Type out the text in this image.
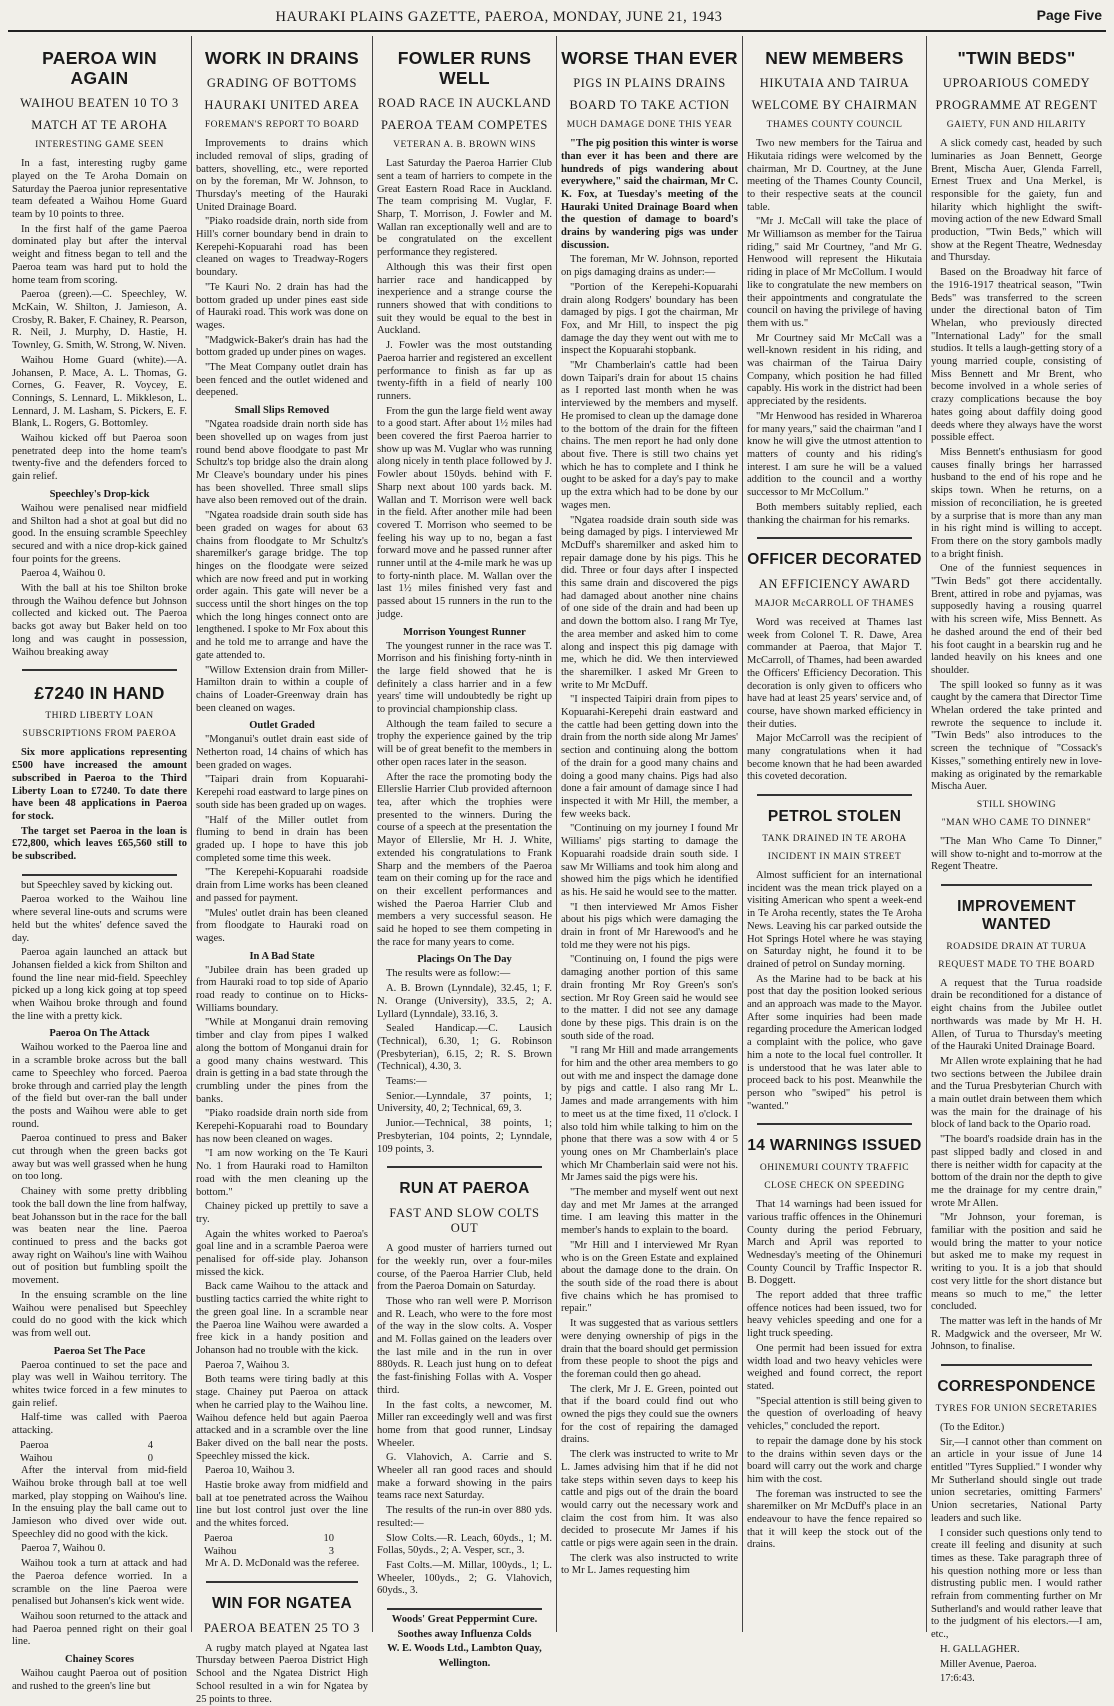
HAURAKI PLAINS GAZETTE, PAEROA, MONDAY, JUNE 21, 1943	Page Five
PAEROA WIN AGAIN
WAIHOU BEATEN 10 TO 3
MATCH AT TE AROHA
INTERESTING GAME SEEN

In a fast, interesting rugby game played on the Te Aroha Domain on Saturday the Paeroa junior representative team defeated a Waihou Home Guard team by 10 points to three.

In the first half of the game Paeroa dominated play but after the interval weight and fitness began to tell and the Paeroa team was hard put to hold the home team from scoring.

Paeroa (green).—C. Speechley, W. McKain, W. Shilton, J. Jamieson, A. Crosby, R. Baker, F. Chainey, R. Pearson, R. Neil, J. Murphy, D. Hastie, H. Townley, G. Smith, W. Strong, W. Niven.

Waihou Home Guard (white).—A. Johansen, P. Mace, A. L. Thomas, G. Cornes, G. Feaver, R. Voycey, E. Connings, S. Lennard, L. Mikkleson, L. Lennard, J. M. Lasham, S. Pickers, E. F. Blank, L. Rogers, G. Bottomley.

Waihou kicked off but Paeroa soon penetrated deep into the home team's twenty-five and the defenders forced to gain relief.

Speechley's Drop-kick

Waihou were penalised near midfield and Shilton had a shot at goal but did no good. In the ensuing scramble Speechley secured and with a nice drop-kick gained four points for the greens.

Paeroa 4, Waihou 0.

With the ball at his toe Shilton broke through the Waihou defence but Johnson collected and kicked out. The Paeroa backs got away but Baker held on too long and was caught in possession, Waihou breaking away

£7240 IN HAND
THIRD LIBERTY LOAN
SUBSCRIPTIONS FROM PAEROA

Six more applications representing £500 have increased the amount subscribed in Paeroa to the Third Liberty Loan to £7240. To date there have been 48 applications in Paeroa for stock.

The target set Paeroa in the loan is £72,800, which leaves £65,560 still to be subscribed.

but Speechley saved by kicking out.

Paeroa worked to the Waihou line where several line-outs and scrums were held but the whites' defence saved the day.

Paeroa again launched an attack but Johansen fielded a kick from Shilton and found the line near mid-field. Speechley picked up a long kick going at top speed when Waihou broke through and found the line with a pretty kick.

Paeroa On The Attack

Waihou worked to the Paeroa line and in a scramble broke across but the ball came to Speechley who forced. Paeroa broke through and carried play the length of the field but over-ran the ball under the posts and Waihou were able to get round.

Paeroa continued to press and Baker cut through when the green backs got away but was well grassed when he hung on too long.

Chainey with some pretty dribbling took the ball down the line from halfway, beat Johansson but in the race for the ball was beaten near the line. Paeroa continued to press and the backs got away right on Waihou's line with Waihou out of position but fumbling spoilt the movement.

In the ensuing scramble on the line Waihou were penalised but Speechley could do no good with the kick which was from well out.

Paeroa Set The Pace

Paeroa continued to set the pace and play was well in Waihou territory. The whites twice forced in a few minutes to gain relief.

Half-time was called with Paeroa attacking.

Paeroa	4
Waihou	0

After the interval from mid-field Waihou broke through ball at toe well marked, play stopping on Waihou's line. In the ensuing play the ball came out to Jamieson who dived over wide out. Speechley did no good with the kick.

Paeroa 7, Waihou 0.

Waihou took a turn at attack and had the Paeroa defence worried. In a scramble on the line Paeroa were penalised but Johansen's kick went wide.

Waihou soon returned to the attack and had Paeroa penned right on their goal line.

Chainey Scores

Waihou caught Paeroa out of position and rushed to the green's line but

WORK IN DRAINS
GRADING OF BOTTOMS
HAURAKI UNITED AREA
FOREMAN'S REPORT TO BOARD

Improvements to drains which included removal of slips, grading of batters, shovelling, etc., were reported on by the foreman, Mr W. Johnson, to Thursday's meeting of the Hauraki United Drainage Board.

"Piako roadside drain, north side from Hill's corner boundary bend in drain to Kerepehi-Kopuarahi road has been cleaned on wages to Treadway-Rogers boundary.

"Te Kauri No. 2 drain has had the bottom graded up under pines east side of Hauraki road. This work was done on wages.

"Madgwick-Baker's drain has had the bottom graded up under pines on wages.

"The Meat Company outlet drain has been fenced and the outlet widened and deepened.

Small Slips Removed

"Ngatea roadside drain north side has been shovelled up on wages from just round bend above floodgate to past Mr Schultz's top bridge also the drain along Mr Cleave's boundary under his pines has been shovelled. Three small slips have also been removed out of the drain.

"Ngatea roadside drain south side has been graded on wages for about 63 chains from floodgate to Mr Schultz's sharemilker's garage bridge. The top hinges on the floodgate were seized which are now freed and put in working order again. This gate will never be a success until the short hinges on the top which the long hinges connect onto are lengthened. I spoke to Mr Fox about this and he told me to arrange and have the gate attended to.

"Willow Extension drain from Miller-Hamilton drain to within a couple of chains of Loader-Greenway drain has been cleaned on wages.

Outlet Graded

"Monganui's outlet drain east side of Netherton road, 14 chains of which has been graded on wages.

"Taipari drain from Kopuarahi-Kerepehi road eastward to large pines on south side has been graded up on wages.

"Half of the Miller outlet from fluming to bend in drain has been graded up. I hope to have this job completed some time this week.

"The Kerepehi-Kopuarahi roadside drain from Lime works has been cleaned and passed for payment.

"Mules' outlet drain has been cleaned from floodgate to Hauraki road on wages.

In A Bad State

"Jubilee drain has been graded up from Hauraki road to top side of Apario road ready to continue on to Hicks-Williams boundary.

"While at Monganui drain removing timber and clay from pipes I walked along the bottom of Monganui drain for a good many chains westward. This drain is getting in a bad state through the crumbling under the pines from the banks.

"Piako roadside drain north side from Kerepehi-Kopuarahi road to Boundary has now been cleaned on wages.

"I am now working on the Te Kauri No. 1 from Hauraki road to Hamilton road with the men cleaning up the bottom."

Chainey picked up prettily to save a try.

Again the whites worked to Paeroa's goal line and in a scramble Paeroa were penalised for off-side play. Johanson missed the kick.

Back came Waihou to the attack and bustling tactics carried the white right to the green goal line. In a scramble near the Paeroa line Waihou were awarded a free kick in a handy position and Johanson had no trouble with the kick.

Paeroa 7, Waihou 3.

Both teams were tiring badly at this stage. Chainey put Paeroa on attack when he carried play to the Waihou line. Waihou defence held but again Paeroa attacked and in a scramble over the line Baker dived on the ball near the posts. Speechley missed the kick.

Paeroa 10, Waihou 3.

Hastie broke away from midfield and ball at toe penetrated across the Waihou line but lost control just over the line and the whites forced.

Paeroa	10
Waihou	3

Mr A. D. McDonald was the referee.

WIN FOR NGATEA
PAEROA BEATEN 25 TO 3

A rugby match played at Ngatea last Thursday between Paeroa District High School and the Ngatea District High School resulted in a win for Ngatea by 25 points to three.

FOWLER RUNS WELL
ROAD RACE IN AUCKLAND
PAEROA TEAM COMPETES
VETERAN A. B. BROWN WINS

Last Saturday the Paeroa Harrier Club sent a team of harriers to compete in the Great Eastern Road Race in Auckland. The team comprising M. Vuglar, F. Sharp, T. Morrison, J. Fowler and M. Wallan ran exceptionally well and are to be congratulated on the excellent performance they registered.

Although this was their first open harrier race and handicapped by inexperience and a strange course the runners showed that with conditions to suit they would be equal to the best in Auckland.

J. Fowler was the most outstanding Paeroa harrier and registered an excellent performance to finish as far up as twenty-fifth in a field of nearly 100 runners.

From the gun the large field went away to a good start. After about 1½ miles had been covered the first Paeroa harrier to show up was M. Vuglar who was running along nicely in tenth place followed by J. Fowler about 150yds. behind with F. Sharp next about 100 yards back. M. Wallan and T. Morrison were well back in the field. After another mile had been covered T. Morrison who seemed to be feeling his way up to no, began a fast forward move and he passed runner after runner until at the 4-mile mark he was up to forty-ninth place. M. Wallan over the last 1½ miles finished very fast and passed about 15 runners in the run to the judge.

Morrison Youngest Runner

The youngest runner in the race was T. Morrison and his finishing forty-ninth in the large field showed that he is definitely a class harrier and in a few years' time will undoubtedly be right up to provincial championship class.

Although the team failed to secure a trophy the experience gained by the trip will be of great benefit to the members in other open races later in the season.

After the race the promoting body the Ellerslie Harrier Club provided afternoon tea, after which the trophies were presented to the winners. During the course of a speech at the presentation the Mayor of Ellerslie, Mr H. J. White, extended his congratulations to Frank Sharp and the members of the Paeroa team on their coming up for the race and on their excellent performances and wished the Paeroa Harrier Club and members a very successful season. He said he hoped to see them competing in the race for many years to come.

Placings On The Day

The results were as follow:—

A. B. Brown (Lynndale), 32.45, 1; F. N. Orange (University), 33.5, 2; A. Lyllard (Lynndale), 33.16, 3.

Sealed Handicap.—C. Lausich (Technical), 6.30, 1; G. Robinson (Presbyterian), 6.15, 2; R. S. Brown (Technical), 4.30, 3.

Teams:—

Senior.—Lynndale, 37 points, 1; University, 40, 2; Technical, 69, 3.

Junior.—Technical, 38 points, 1; Presbyterian, 104 points, 2; Lynndale, 109 points, 3.

RUN AT PAEROA
FAST AND SLOW COLTS OUT

A good muster of harriers turned out for the weekly run, over a four-miles course, of the Paeroa Harrier Club, held from the Paeroa Domain on Saturday.

Those who ran well were P. Morrison and R. Leach, who were to the fore most of the way in the slow colts. A. Vosper and M. Follas gained on the leaders over the last mile and in the run in over 880yds. R. Leach just hung on to defeat the fast-finishing Follas with A. Vosper third.

In the fast colts, a newcomer, M. Miller ran exceedingly well and was first home from that good runner, Lindsay Wheeler.

G. Vlahovich, A. Carrie and S. Wheeler all ran good races and should make a forward showing in the pairs teams race next Saturday.

The results of the run-in over 880 yds. resulted:—

Slow Colts.—R. Leach, 60yds., 1; M. Follas, 50yds., 2; A. Vesper, scr., 3.

Fast Colts.—M. Millar, 100yds., 1; L. Wheeler, 100yds., 2; G. Vlahovich, 60yds., 3.

Woods' Great Peppermint Cure.

Soothes away Influenza Colds

W. E. Woods Ltd., Lambton Quay,

Wellington.

WORSE THAN EVER
PIGS IN PLAINS DRAINS
BOARD TO TAKE ACTION
MUCH DAMAGE DONE THIS YEAR

"The pig position this winter is worse than ever it has been and there are hundreds of pigs wandering about everywhere," said the chairman, Mr C. K. Fox, at Tuesday's meeting of the Hauraki United Drainage Board when the question of damage to board's drains by wandering pigs was under discussion.

The foreman, Mr W. Johnson, reported on pigs damaging drains as under:—

"Portion of the Kerepehi-Kopuarahi drain along Rodgers' boundary has been damaged by pigs. I got the chairman, Mr Fox, and Mr Hill, to inspect the pig damage the day they went out with me to inspect the Kopuarahi stopbank.

"Mr Chamberlain's cattle had been down Taipari's drain for about 15 chains as I reported last month when he was interviewed by the members and myself. He promised to clean up the damage done to the bottom of the drain for the fifteen chains. The men report he had only done about five. There is still two chains yet which he has to complete and I think he ought to be asked for a day's pay to make up the extra which had to be done by our wages men.

"Ngatea roadside drain south side was being damaged by pigs. I interviewed Mr McDuff's sharemilker and asked him to repair damage done by his pigs. This he did. Three or four days after I inspected this same drain and discovered the pigs had damaged about another nine chains of one side of the drain and had been up and down the bottom also. I rang Mr Tye, the area member and asked him to come along and inspect this pig damage with me, which he did. We then interviewed the sharemilker. I asked Mr Green to write to Mr McDuff.

"I inspected Taipiri drain from pipes to Kopuarahi-Kerepehi drain eastward and the cattle had been getting down into the drain from the north side along Mr James' section and continuing along the bottom of the drain for a good many chains and doing a good many chains. Pigs had also done a fair amount of damage since I had inspected it with Mr Hill, the member, a few weeks back.

"Continuing on my journey I found Mr Williams' pigs starting to damage the Kopuarahi roadside drain south side. I saw Mr Williams and took him along and showed him the pigs which he identified as his. He said he would see to the matter.

"I then interviewed Mr Amos Fisher about his pigs which were damaging the drain in front of Mr Harewood's and he told me they were not his pigs.

"Continuing on, I found the pigs were damaging another portion of this same drain fronting Mr Roy Green's son's section. Mr Roy Green said he would see to the matter. I did not see any damage done by these pigs. This drain is on the south side of the road.

"I rang Mr Hill and made arrangements for him and the other area members to go out with me and inspect the damage done by pigs and cattle. I also rang Mr L. James and made arrangements with him to meet us at the time fixed, 11 o'clock. I also told him while talking to him on the phone that there was a sow with 4 or 5 young ones on Mr Chamberlain's place which Mr Chamberlain said were not his. Mr James said the pigs were his.

"The member and myself went out next day and met Mr James at the arranged time. I am leaving this matter in the member's hands to explain to the board.

"Mr Hill and I interviewed Mr Ryan who is on the Green Estate and explained about the damage done to the drain. On the south side of the road there is about five chains which he has promised to repair."

It was suggested that as various settlers were denying ownership of pigs in the drain that the board should get permission from these people to shoot the pigs and the foreman could then go ahead.

The clerk, Mr J. E. Green, pointed out that if the board could find out who owned the pigs they could sue the owners for the cost of repairing the damaged drains.

The clerk was instructed to write to Mr L. James advising him that if he did not take steps within seven days to keep his cattle and pigs out of the drain the board would carry out the necessary work and claim the cost from him. It was also decided to prosecute Mr James if his cattle or pigs were again seen in the drain.

The clerk was also instructed to write to Mr L. James requesting him

NEW MEMBERS
HIKUTAIA AND TAIRUA
WELCOME BY CHAIRMAN
THAMES COUNTY COUNCIL

Two new members for the Tairua and Hikutaia ridings were welcomed by the chairman, Mr D. Courtney, at the June meeting of the Thames County Council, to their respective seats at the council table.

"Mr J. McCall will take the place of Mr Williamson as member for the Tairua riding," said Mr Courtney, "and Mr G. Henwood will represent the Hikutaia riding in place of Mr McCollum. I would like to congratulate the new members on their appointments and congratulate the council on having the privilege of having them with us."

Mr Courtney said Mr McCall was a well-known resident in his riding, and was chairman of the Tairua Dairy Company, which position he had filled capably. His work in the district had been appreciated by the residents.

"Mr Henwood has resided in Whareroa for many years," said the chairman "and I know he will give the utmost attention to matters of county and his riding's interest. I am sure he will be a valued addition to the council and a worthy successor to Mr McCollum."

Both members suitably replied, each thanking the chairman for his remarks.

OFFICER DECORATED
AN EFFICIENCY AWARD
MAJOR McCARROLL OF THAMES

Word was received at Thames last week from Colonel T. R. Dawe, Area commander at Paeroa, that Major T. McCarroll, of Thames, had been awarded the Officers' Efficiency Decoration. This decoration is only given to officers who have had at least 25 years' service and, of course, have shown marked efficiency in their duties.

Major McCarroll was the recipient of many congratulations when it had become known that he had been awarded this coveted decoration.

PETROL STOLEN
TANK DRAINED IN TE AROHA
INCIDENT IN MAIN STREET

Almost sufficient for an international incident was the mean trick played on a visiting American who spent a week-end in Te Aroha recently, states the Te Aroha News. Leaving his car parked outside the Hot Springs Hotel where he was staying on Saturday night, he found it to be drained of petrol on Sunday morning.

As the Marine had to be back at his post that day the position looked serious and an approach was made to the Mayor. After some inquiries had been made regarding procedure the American lodged a complaint with the police, who gave him a note to the local fuel controller. It is understood that he was later able to proceed back to his post. Meanwhile the person who "swiped" his petrol is "wanted."

14 WARNINGS ISSUED
OHINEMURI COUNTY TRAFFIC
CLOSE CHECK ON SPEEDING

That 14 warnings had been issued for various traffic offences in the Ohinemuri County during the period February, March and April was reported to Wednesday's meeting of the Ohinemuri County Council by Traffic Inspector R. B. Doggett.

The report added that three traffic offence notices had been issued, two for heavy vehicles speeding and one for a light truck speeding.

One permit had been issued for extra width load and two heavy vehicles were weighed and found correct, the report stated.

"Special attention is still being given to the question of overloading of heavy vehicles," concluded the report.

to repair the damage done by his stock to the drains within seven days or the board will carry out the work and charge him with the cost.

The foreman was instructed to see the sharemilker on Mr McDuff's place in an endeavour to have the fence repaired so that it will keep the stock out of the drains.

"TWIN BEDS"
UPROARIOUS COMEDY
PROGRAMME AT REGENT
GAIETY, FUN AND HILARITY

A slick comedy cast, headed by such luminaries as Joan Bennett, George Brent, Mischa Auer, Glenda Farrell, Ernest Truex and Una Merkel, is responsible for the gaiety, fun and hilarity which highlight the swift-moving action of the new Edward Small production, "Twin Beds," which will show at the Regent Theatre, Wednesday and Thursday.

Based on the Broadway hit farce of the 1916-1917 theatrical season, "Twin Beds" was transferred to the screen under the directional baton of Tim Whelan, who previously directed "International Lady" for the small studios. It tells a laugh-getting story of a young married couple, consisting of Miss Bennett and Mr Brent, who become involved in a whole series of crazy complications because the boy hates going about daffily doing good deeds where they always have the worst possible effect.

Miss Bennett's enthusiasm for good causes finally brings her harrassed husband to the end of his rope and he skips town. When he returns, on a mission of reconciliation, he is greeted by a surprise that is more than any man in his right mind is willing to accept. From there on the story gambols madly to a bright finish.

One of the funniest sequences in "Twin Beds" got there accidentally. Brent, attired in robe and pyjamas, was supposedly having a rousing quarrel with his screen wife, Miss Bennett. As he dashed around the end of their bed his foot caught in a bearskin rug and he landed heavily on his knees and one shoulder.

The spill looked so funny as it was caught by the camera that Director Time Whelan ordered the take printed and rewrote the sequence to include it. "Twin Beds" also introduces to the screen the technique of "Cossack's Kisses," something entirely new in love-making as originated by the remarkable Mischa Auer.

STILL SHOWING
"MAN WHO CAME TO DINNER"

"The Man Who Came To Dinner," will show to-night and to-morrow at the Regent Theatre.

IMPROVEMENT WANTED
ROADSIDE DRAIN AT TURUA
REQUEST MADE TO THE BOARD

A request that the Turua roadside drain be reconditioned for a distance of eight chains from the Jubilee outlet northwards was made by Mr H. H. Allen, of Turua to Thursday's meeting of the Hauraki United Drainage Board.

Mr Allen wrote explaining that he had two sections between the Jubilee drain and the Turua Presbyterian Church with a main outlet drain between them which was the main for the drainage of his block of land back to the Opario road.

"The board's roadside drain has in the past slipped badly and closed in and there is neither width for capacity at the bottom of the drain nor the depth to give me the drainage for my centre drain," wrote Mr Allen.

"Mr Johnson, your foreman, is familiar with the position and said he would bring the matter to your notice but asked me to make my request in writing to you. It is a job that should cost very little for the short distance but means so much to me," the letter concluded.

The matter was left in the hands of Mr R. Madgwick and the overseer, Mr W. Johnson, to finalise.

CORRESPONDENCE
TYRES FOR UNION SECRETARIES

(To the Editor.)

Sir,—I cannot other than comment on an article in your issue of June 14 entitled "Tyres Supplied." I wonder why Mr Sutherland should single out trade union secretaries, omitting Farmers' Union secretaries, National Party leaders and such like.

I consider such questions only tend to create ill feeling and disunity at such times as these. Take paragraph three of his question nothing more or less than distrusting public men. I would rather refrain from commenting further on Mr Sutherland's and would rather leave that to the judgment of his electors.—I am, etc.,

H. GALLAGHER.

Miller Avenue, Paeroa.

17:6:43.
